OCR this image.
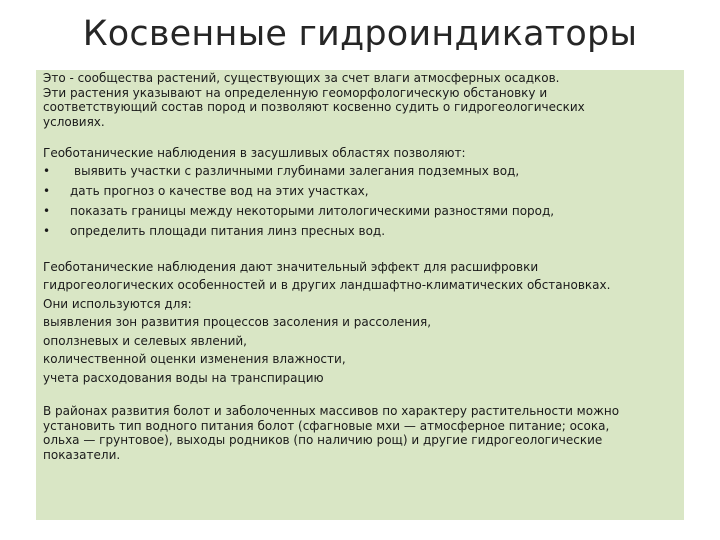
Косвенные гидроиндикаторы
Это - сообщества растений, существующих за счет влаги атмосферных осадков.
Эти растения указывают на определенную геоморфологическую обстановку и
соответствующий состав пород и позволяют косвенно судить о гидрогеологических
условиях.
Геоботанические наблюдения в засушливых областях позволяют:
• выявить участки с различными глубинами залегания подземных вод,
• дать прогноз о качестве вод на этих участках,
• показать границы между некоторыми литологическими разностями пород,
• определить площади питания линз пресных вод.
Геоботанические наблюдения дают значительный эффект для расшифровки
гидрогеологических особенностей и в других ландшафтно-климатических обстановках.
Они используются для:
выявления зон развития процессов засоления и рассоления,
оползневых и селевых явлений,
количественной оценки изменения влажности,
учета расходования воды на транспирацию
В районах развития болот и заболоченных массивов по характеру растительности можно
установить тип водного питания болот (сфагновые мхи — атмосферное питание; осока,
ольха — грунтовое), выходы родников (по наличию рощ) и другие гидрогеологические
показатели.
